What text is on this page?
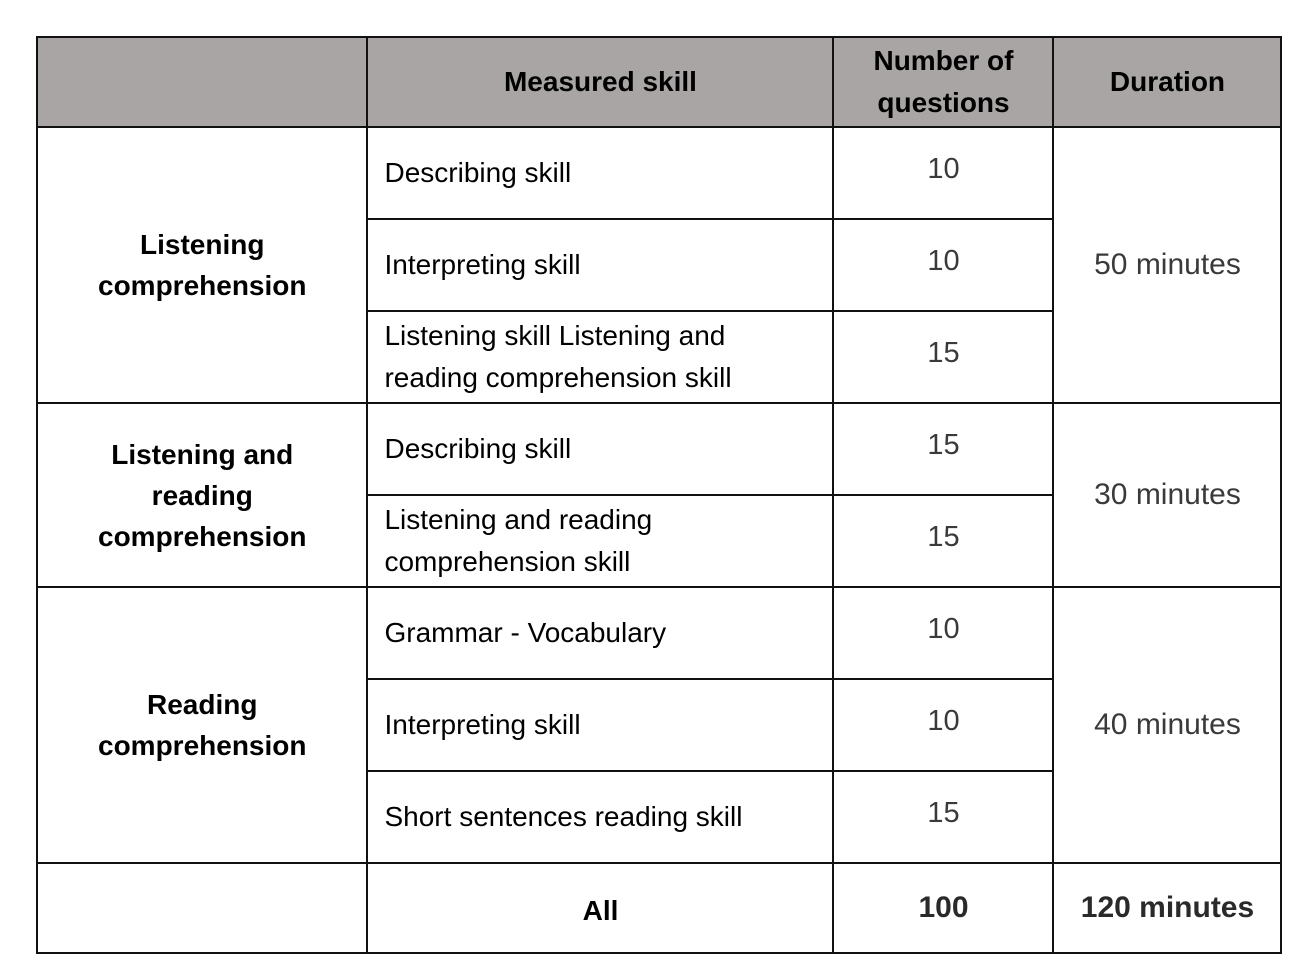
	Measured skill	Number of questions	Duration
Listening comprehension	Describing skill	10	50 minutes
	Interpreting skill	10	
	Listening skill Listening and reading comprehension skill	15	
Listening and reading comprehension	Describing skill	15	30 minutes
	Listening and reading comprehension skill	15	
Reading comprehension	Grammar - Vocabulary	10	40 minutes
	Interpreting skill	10	
	Short sentences reading skill	15	
	All	100	120 minutes
